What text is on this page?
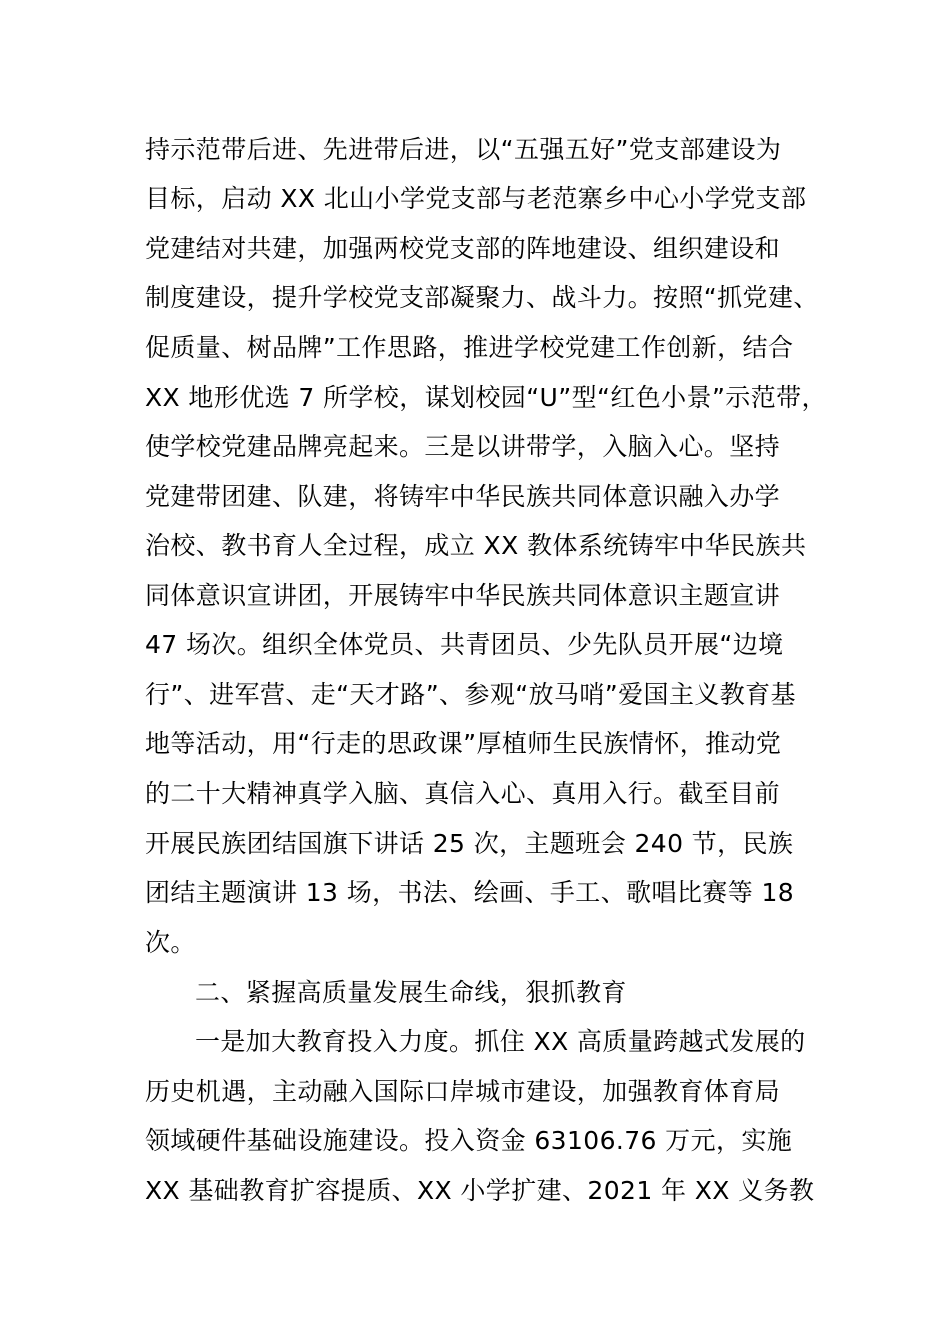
持示范带后进、先进带后进，以“五强五好”党支部建设为
目标，启动 XX 北山小学党支部与老范寨乡中心小学党支部
党建结对共建，加强两校党支部的阵地建设、组织建设和
制度建设，提升学校党支部凝聚力、战斗力。按照“抓党建、
促质量、树品牌”工作思路，推进学校党建工作创新，结合
XX 地形优选 7 所学校，谋划校园“U”型“红色小景”示范带，
使学校党建品牌亮起来。三是以讲带学，入脑入心。坚持
党建带团建、队建，将铸牢中华民族共同体意识融入办学
治校、教书育人全过程，成立 XX 教体系统铸牢中华民族共
同体意识宣讲团，开展铸牢中华民族共同体意识主题宣讲
47 场次。组织全体党员、共青团员、少先队员开展“边境
行”、进军营、走“天才路”、参观“放马哨”爱国主义教育基
地等活动，用“行走的思政课”厚植师生民族情怀，推动党
的二十大精神真学入脑、真信入心、真用入行。截至目前
开展民族团结国旗下讲话 25 次，主题班会 240 节，民族
团结主题演讲 13 场，书法、绘画、手工、歌唱比赛等 18
次。
二、紧握高质量发展生命线，狠抓教育
一是加大教育投入力度。抓住 XX 高质量跨越式发展的
历史机遇，主动融入国际口岸城市建设，加强教育体育局
领域硬件基础设施建设。投入资金 63106.76 万元，实施
XX 基础教育扩容提质、XX 小学扩建、2021 年 XX 义务教
